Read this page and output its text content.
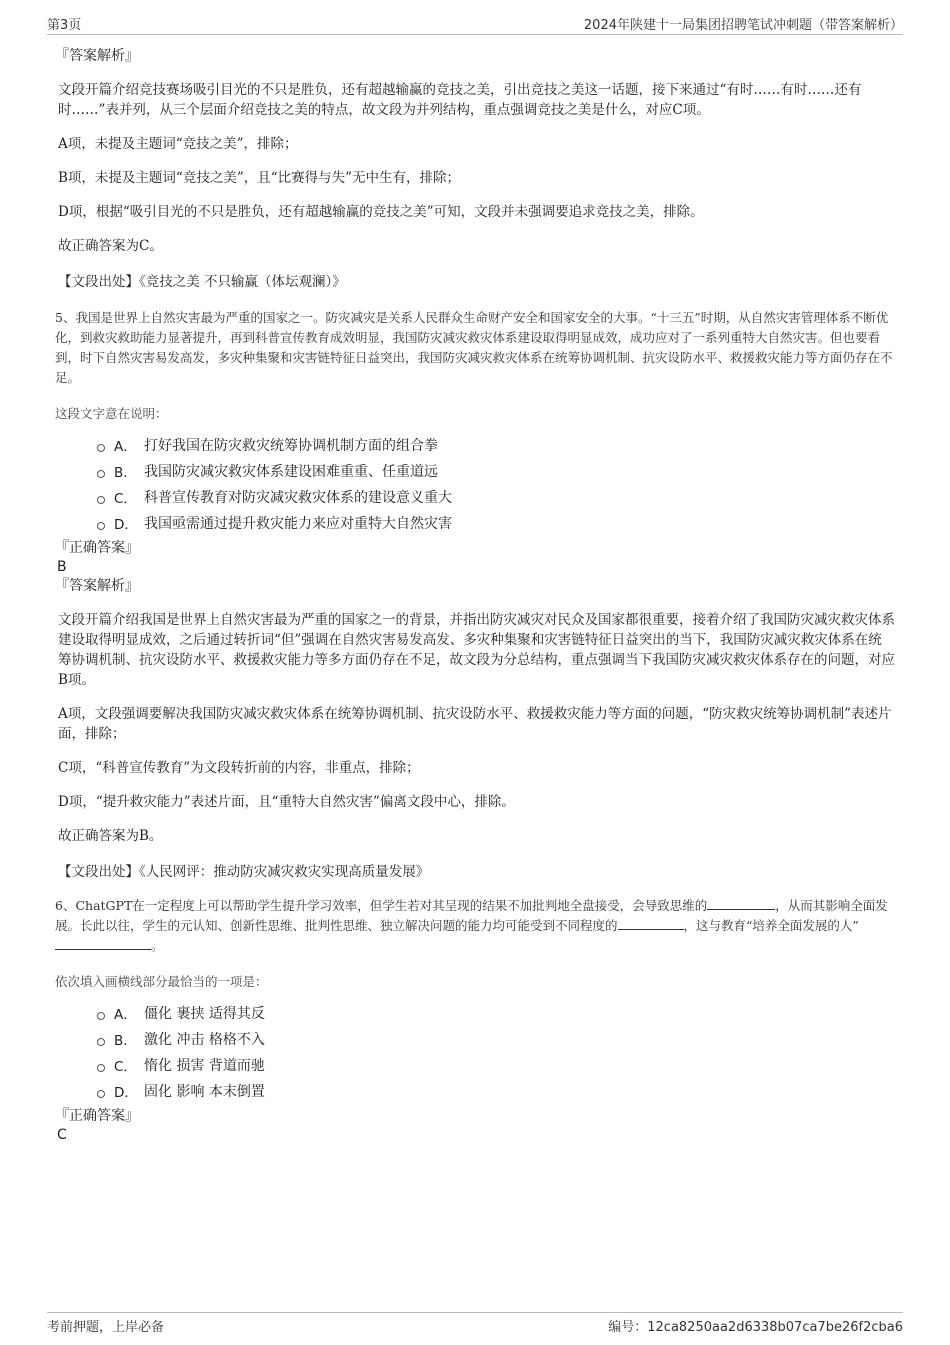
第3页	2024年陕建十一局集团招聘笔试冲刺题（带答案解析）
『答案解析』

文段开篇介绍竞技赛场吸引目光的不只是胜负，还有超越输赢的竞技之美，引出竞技之美这一话题，接下来通过“有时……有时……还有时……”表并列，从三个层面介绍竞技之美的特点，故文段为并列结构，重点强调竞技之美是什么，对应C项。

A项，未提及主题词“竞技之美”，排除；

B项，未提及主题词“竞技之美”，且“比赛得与失”无中生有，排除；

D项，根据“吸引目光的不只是胜负，还有超越输赢的竞技之美”可知，文段并未强调要追求竞技之美，排除。

故正确答案为C。

【文段出处】《竞技之美 不只输赢（体坛观澜）》

5、我国是世界上自然灾害最为严重的国家之一。防灾减灾是关系人民群众生命财产安全和国家安全的大事。“十三五”时期，从自然灾害管理体系不断优化，到救灾救助能力显著提升，再到科普宣传教育成效明显，我国防灾减灾救灾体系建设取得明显成效，成功应对了一系列重特大自然灾害。但也要看到，时下自然灾害易发高发，多灾种集聚和灾害链特征日益突出，我国防灾减灾救灾体系在统筹协调机制、抗灾设防水平、救援救灾能力等方面仍存在不足。

这段文字意在说明：

A． 打好我国在防灾救灾统筹协调机制方面的组合拳
B． 我国防灾减灾救灾体系建设困难重重、任重道远
C． 科普宣传教育对防灾减灾救灾体系的建设意义重大
D． 我国亟需通过提升救灾能力来应对重特大自然灾害
『正确答案』
B
『答案解析』

文段开篇介绍我国是世界上自然灾害最为严重的国家之一的背景，并指出防灾减灾对民众及国家都很重要，接着介绍了我国防灾减灾救灾体系建设取得明显成效，之后通过转折词“但”强调在自然灾害易发高发、多灾种集聚和灾害链特征日益突出的当下，我国防灾减灾救灾体系在统筹协调机制、抗灾设防水平、救援救灾能力等多方面仍存在不足，故文段为分总结构，重点强调当下我国防灾减灾救灾体系存在的问题，对应B项。

A项，文段强调要解决我国防灾减灾救灾体系在统筹协调机制、抗灾设防水平、救援救灾能力等方面的问题，“防灾救灾统筹协调机制”表述片面，排除；

C项，“科普宣传教育”为文段转折前的内容，非重点，排除；

D项，“提升救灾能力”表述片面，且“重特大自然灾害”偏离文段中心，排除。

故正确答案为B。

【文段出处】《人民网评：推动防灾减灾救灾实现高质量发展》

6、ChatGPT在一定程度上可以帮助学生提升学习效率，但学生若对其呈现的结果不加批判地全盘接受，会导致思维的	，从而其影响全面发展。长此以往，学生的元认知、创新性思维、批判性思维、独立解决问题的能力均可能受到不同程度的	，这与教育“培养全面发展的人”。

依次填入画横线部分最恰当的一项是：

A． 僵化 裹挟 适得其反
B． 激化 冲击 格格不入
C． 惰化 损害 背道而驰
D． 固化 影响 本末倒置
『正确答案』
C
考前押题，上岸必备	编号：12ca8250aa2d6338b07ca7be26f2cba6
